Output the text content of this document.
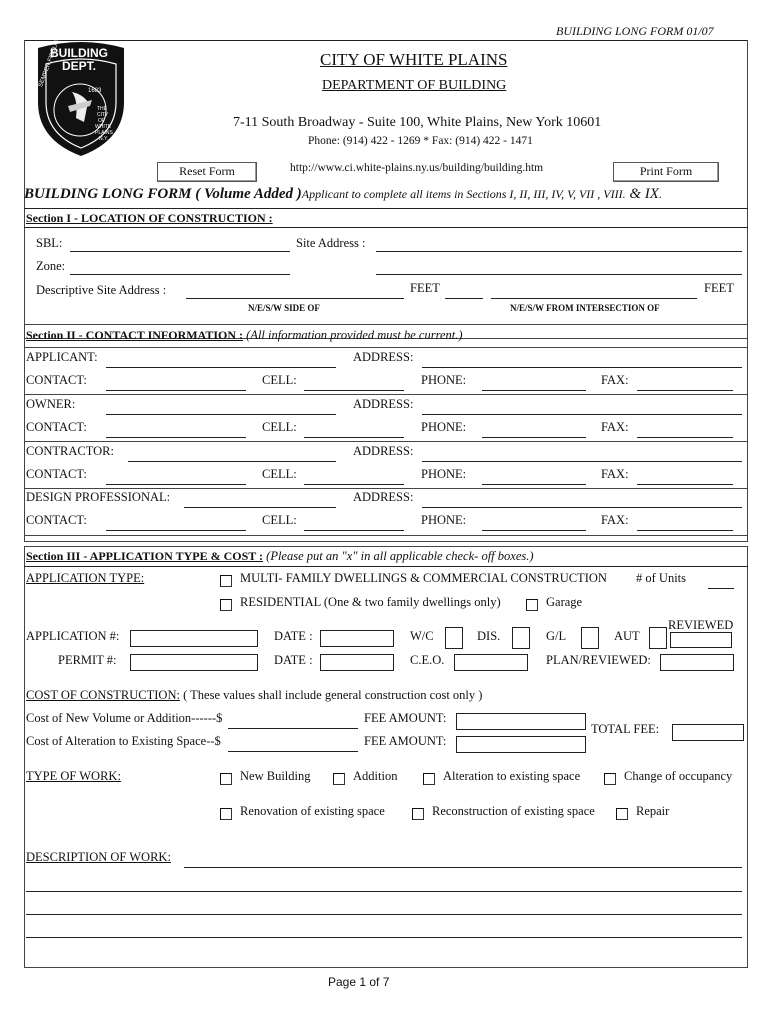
BUILDING LONG FORM 01/07
BUILDING
DEPT.
SEMPER FIDELIS
1683
THE
CITY
OF
WHITE
PLAINS
N.Y.
CITY OF WHITE PLAINS
DEPARTMENT OF BUILDING
7-11 South Broadway - Suite 100, White Plains, New York 10601
Phone: (914) 422 - 1269 * Fax: (914) 422 - 1471
http://www.ci.white-plains.ny.us/building/building.htm
Reset Form	Print Form
BUILDING LONG FORM ( Volume Added )Applicant to complete all items in Sections I, II, III, IV, V, VII , VIII. & IX.
Section I - LOCATION OF CONSTRUCTION :
SBL:	Site Address :
Zone:
Descriptive Site Address :	FEET	FEET
N/E/S/W SIDE OF	N/E/S/W FROM INTERSECTION OF
Section II - CONTACT INFORMATION : (All information provided must be current.)
APPLICANT:	ADDRESS:
CONTACT:	CELL:	PHONE:	FAX:
OWNER:	ADDRESS:
CONTACT:	CELL:	PHONE:	FAX:
CONTRACTOR:	ADDRESS:
CONTACT:	CELL:	PHONE:	FAX:
DESIGN PROFESSIONAL:	ADDRESS:
CONTACT:	CELL:	PHONE:	FAX:
Section III - APPLICATION TYPE & COST : (Please put an "x" in all applicable check- off boxes.)
APPLICATION TYPE:	MULTI- FAMILY DWELLINGS & COMMERCIAL CONSTRUCTION # of Units
RESIDENTIAL (One & two family dwellings only)	Garage
REVIEWED
APPLICATION #:	DATE :	W/C	DIS.	G/L	AUT
PERMIT #:	DATE :	C.E.O.	PLAN/REVIEWED:
COST OF CONSTRUCTION: ( These values shall include general construction cost only )
Cost of New Volume or Addition------$	FEE AMOUNT:
Cost of Alteration to Existing Space--$	FEE AMOUNT:
TOTAL FEE:
TYPE OF WORK:	New Building	Addition	Alteration to existing space	Change of occupancy
Renovation of existing space	Reconstruction of existing space	Repair
DESCRIPTION OF WORK:
Page 1 of 7
